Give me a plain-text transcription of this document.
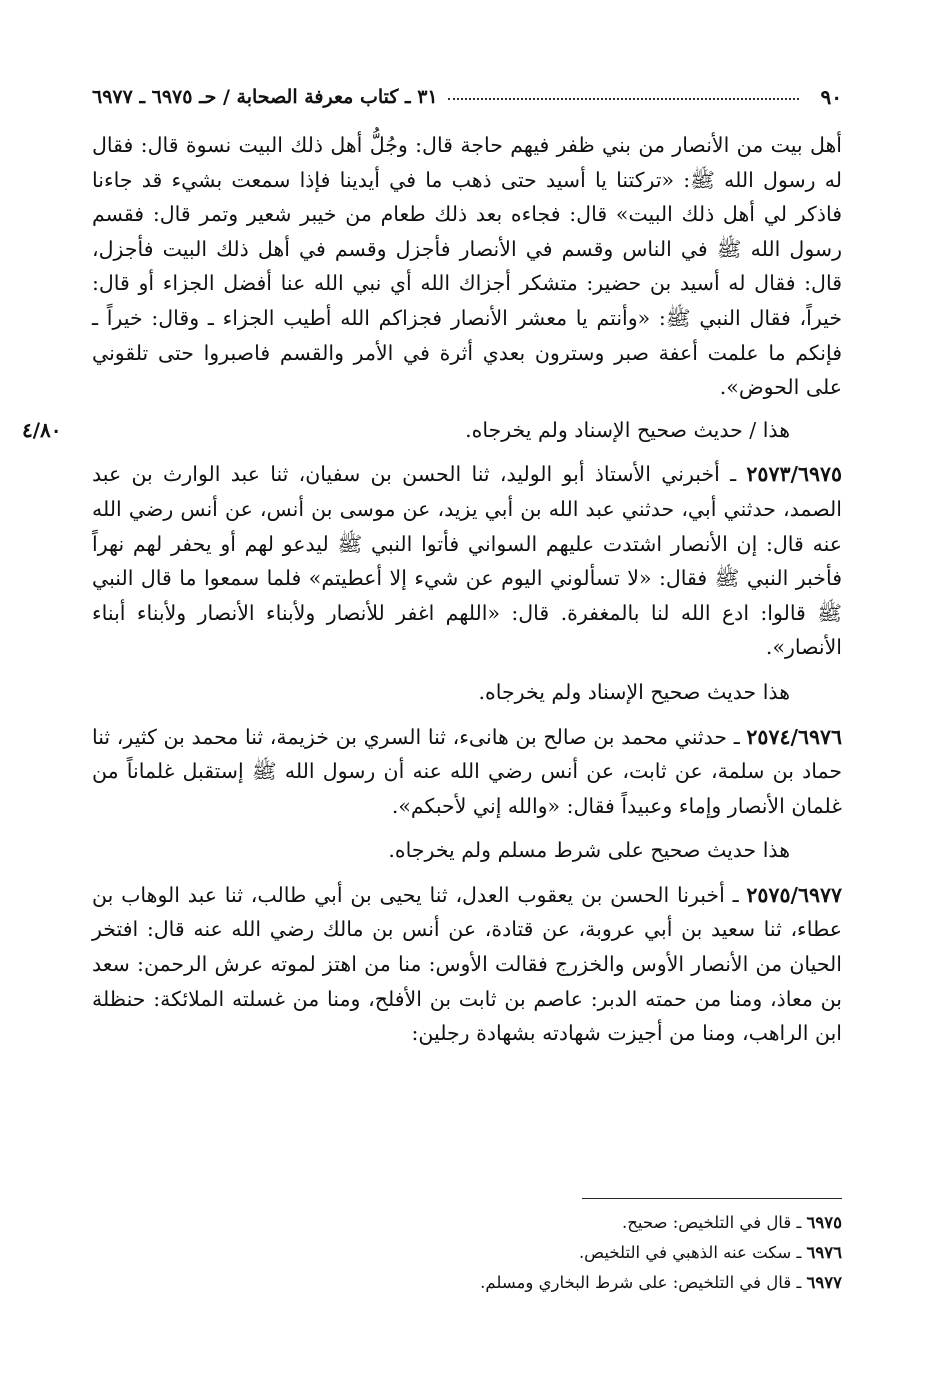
٩٠
٣١ ـ كتاب معرفة الصحابة / حـ ٦٩٧٥ ـ ٦٩٧٧

أهل بيت من الأنصار من بني ظفر فيهم حاجة قال: وجُلُّ أهل ذلك البيت نسوة قال: فقال له رسول الله ﷺ: «تركتنا يا أسيد حتى ذهب ما في أيدينا فإذا سمعت بشيء قد جاءنا فاذكر لي أهل ذلك البيت» قال: فجاءه بعد ذلك طعام من خيبر شعير وتمر قال: فقسم رسول الله ﷺ في الناس وقسم في الأنصار فأجزل وقسم في أهل ذلك البيت فأجزل، قال: فقال له أسيد بن حضير: متشكر أجزاك الله أي نبي الله عنا أفضل الجزاء أو قال: خيراً، فقال النبي ﷺ: «وأنتم يا معشر الأنصار فجزاكم الله أطيب الجزاء ـ وقال: خيراً ـ فإنكم ما علمت أعفة صبر وسترون بعدي أثرة في الأمر والقسم فاصبروا حتى تلقوني على الحوض».

هذا / حديث صحيح الإسناد ولم يخرجاه.

٤/٨٠

٢٥٧٣/٦٩٧٥ ـ أخبرني الأستاذ أبو الوليد، ثنا الحسن بن سفيان، ثنا عبد الوارث بن عبد الصمد، حدثني أبي، حدثني عبد الله بن أبي يزيد، عن موسى بن أنس، عن أنس رضي الله عنه قال: إن الأنصار اشتدت عليهم السواني فأتوا النبي ﷺ ليدعو لهم أو يحفر لهم نهراً فأخبر النبي ﷺ فقال: «لا تسألوني اليوم عن شيء إلا أعطيتم» فلما سمعوا ما قال النبي ﷺ قالوا: ادع الله لنا بالمغفرة. قال: «اللهم اغفر للأنصار ولأبناء الأنصار ولأبناء أبناء الأنصار».

هذا حديث صحيح الإسناد ولم يخرجاه.

٢٥٧٤/٦٩٧٦ ـ حدثني محمد بن صالح بن هانىء، ثنا السري بن خزيمة، ثنا محمد بن كثير، ثنا حماد بن سلمة، عن ثابت، عن أنس رضي الله عنه أن رسول الله ﷺ إستقبل غلماناً من غلمان الأنصار وإماء وعبيداً فقال: «والله إني لأحبكم».

هذا حديث صحيح على شرط مسلم ولم يخرجاه.

٢٥٧٥/٦٩٧٧ ـ أخبرنا الحسن بن يعقوب العدل، ثنا يحيى بن أبي طالب، ثنا عبد الوهاب بن عطاء، ثنا سعيد بن أبي عروبة، عن قتادة، عن أنس بن مالك رضي الله عنه قال: افتخر الحيان من الأنصار الأوس والخزرج فقالت الأوس: منا من اهتز لموته عرش الرحمن: سعد بن معاذ، ومنا من حمته الدبر: عاصم بن ثابت بن الأفلح، ومنا من غسلته الملائكة: حنظلة ابن الراهب، ومنا من أجيزت شهادته بشهادة رجلين:

٦٩٧٥ ـ قال في التلخيص: صحيح.

٦٩٧٦ ـ سكت عنه الذهبي في التلخيص.

٦٩٧٧ ـ قال في التلخيص: على شرط البخاري ومسلم.
